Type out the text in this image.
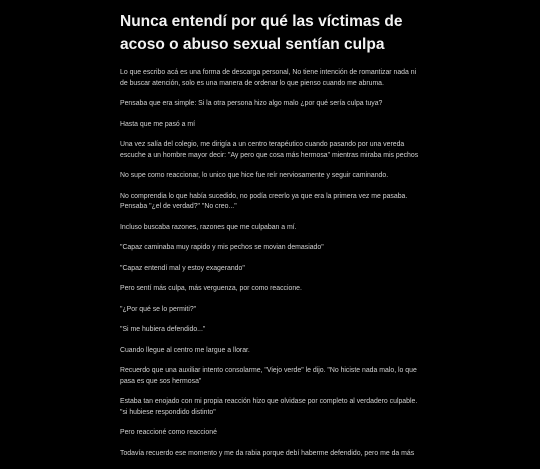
Nunca entendí por qué las víctimas de acoso o abuso sexual sentían culpa

Lo que escribo acá es una forma de descarga personal, No tiene intención de romantizar nada ni de buscar atención, solo es una manera de ordenar lo que pienso cuando me abruma.

Pensaba que era simple: Si la otra persona hizo algo malo ¿por qué sería culpa tuya?

Hasta que me pasó a mí

Una vez salía del colegio, me dirigía a un centro terapéutico cuando pasando por una vereda escuche a un hombre mayor decir: "Ay pero que cosa más hermosa" mientras miraba mis pechos

No supe como reaccionar, lo unico que hice fue reír nerviosamente y seguir caminando.

No comprendia lo que había sucedido, no podía creerlo ya que era la primera vez me pasaba. Pensaba "¿el de verdad?" "No creo..."

Incluso buscaba razones, razones que me culpaban a mí.

"Capaz caminaba muy rapido y mis pechos se movian demasiado"

"Capaz entendí mal y estoy exagerando"

Pero sentí más culpa, más verguenza, por como reaccione.

"¿Por qué se lo permiti?"

"Si me hubiera defendido..."

Cuando llegue al centro me largue a llorar.

Recuerdo que una auxiliar intento consolarme, "Viejo verde" le dijo. "No hiciste nada malo, lo que pasa es que sos hermosa"

Estaba tan enojado con mi propia reacción hizo que olvidase por completo al verdadero culpable. "si hubiese respondido distinto"

Pero reaccioné como reaccioné

Todavía recuerdo ese momento y me da rabia porque debí haberme defendido, pero me da más
